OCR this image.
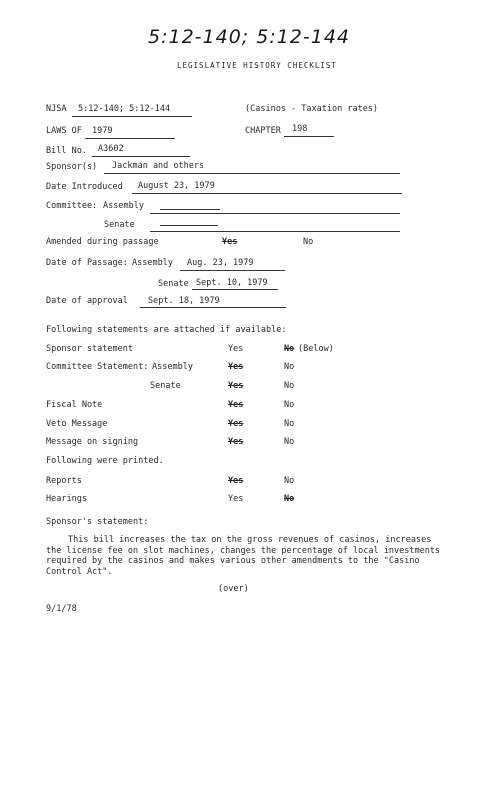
5:12-140; 5:12-144
LEGISLATIVE HISTORY CHECKLIST
NJSA 5:12-140; 5:12-144	(Casinos - Taxation rates)
LAWS OF 1979	CHAPTER 198
Bill No. A3602
Sponsor(s) Jackman and others
Date Introduced August 23, 1979
Committee: Assembly
Senate
Amended during passage	Yes	No
Date of Passage: Assembly Aug. 23, 1979
Senate Sept. 10, 1979
Date of approval Sept. 18, 1979
Following statements are attached if available:
Sponsor statement	Yes	No (Below)
Committee Statement: Assembly	Yes	No
Senate	Yes	No
Fiscal Note	Yes	No
Veto Message	Yes	No
Message on signing	Yes	No
Following were printed.
Reports	Yes	No
Hearings	Yes	No
Sponsor's statement:
This bill increases the tax on the gross revenues of casinos, increases the license fee on slot machines, changes the percentage of local investments required by the casinos and makes various other amendments to the "Casino Control Act".
(over)
9/1/78
